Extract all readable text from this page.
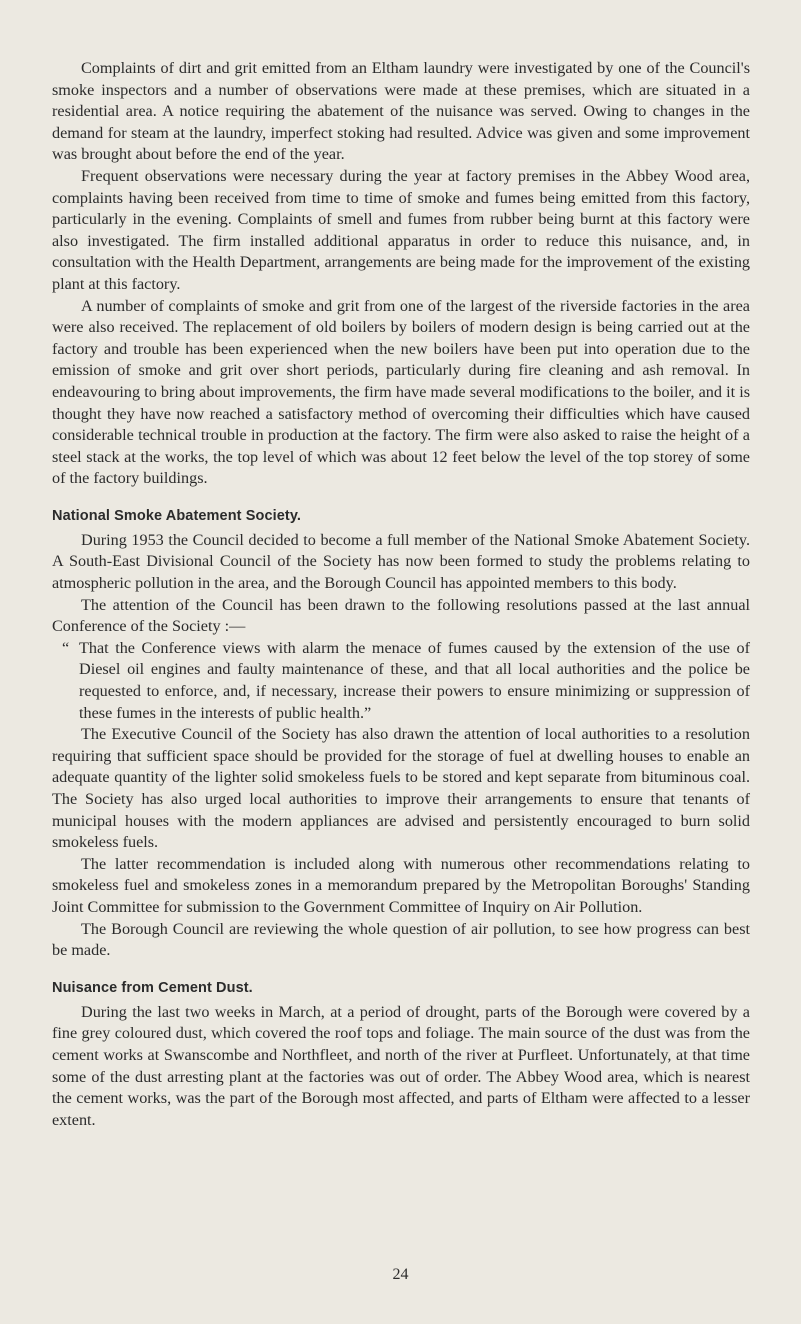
Complaints of dirt and grit emitted from an Eltham laundry were investigated by one of the Council's smoke inspectors and a number of observations were made at these premises, which are situated in a residential area. A notice requiring the abatement of the nuisance was served. Owing to changes in the demand for steam at the laundry, imperfect stoking had resulted. Advice was given and some improvement was brought about before the end of the year.

Frequent observations were necessary during the year at factory premises in the Abbey Wood area, complaints having been received from time to time of smoke and fumes being emitted from this factory, particularly in the evening. Complaints of smell and fumes from rubber being burnt at this factory were also investigated. The firm installed additional apparatus in order to reduce this nuisance, and, in consultation with the Health Department, arrangements are being made for the improvement of the existing plant at this factory.

A number of complaints of smoke and grit from one of the largest of the riverside factories in the area were also received. The replacement of old boilers by boilers of modern design is being carried out at the factory and trouble has been experienced when the new boilers have been put into operation due to the emission of smoke and grit over short periods, particularly during fire cleaning and ash removal. In endeavouring to bring about improvements, the firm have made several modifications to the boiler, and it is thought they have now reached a satisfactory method of overcoming their difficulties which have caused considerable technical trouble in production at the factory. The firm were also asked to raise the height of a steel stack at the works, the top level of which was about 12 feet below the level of the top storey of some of the factory buildings.

National Smoke Abatement Society.

During 1953 the Council decided to become a full member of the National Smoke Abatement Society. A South-East Divisional Council of the Society has now been formed to study the problems relating to atmospheric pollution in the area, and the Borough Council has appointed members to this body.

The attention of the Council has been drawn to the following resolutions passed at the last annual Conference of the Society :—

“ That the Conference views with alarm the menace of fumes caused by the extension of the use of Diesel oil engines and faulty maintenance of these, and that all local authorities and the police be requested to enforce, and, if necessary, increase their powers to ensure minimizing or suppression of these fumes in the interests of public health.”

The Executive Council of the Society has also drawn the attention of local authorities to a resolution requiring that sufficient space should be provided for the storage of fuel at dwelling houses to enable an adequate quantity of the lighter solid smokeless fuels to be stored and kept separate from bituminous coal. The Society has also urged local authorities to improve their arrangements to ensure that tenants of municipal houses with the modern appliances are advised and persistently encouraged to burn solid smokeless fuels.

The latter recommendation is included along with numerous other recommendations relating to smokeless fuel and smokeless zones in a memorandum prepared by the Metropolitan Boroughs' Standing Joint Committee for submission to the Government Committee of Inquiry on Air Pollution.

The Borough Council are reviewing the whole question of air pollution, to see how progress can best be made.

Nuisance from Cement Dust.

During the last two weeks in March, at a period of drought, parts of the Borough were covered by a fine grey coloured dust, which covered the roof tops and foliage. The main source of the dust was from the cement works at Swanscombe and Northfleet, and north of the river at Purfleet. Unfortunately, at that time some of the dust arresting plant at the factories was out of order. The Abbey Wood area, which is nearest the cement works, was the part of the Borough most affected, and parts of Eltham were affected to a lesser extent.

24
